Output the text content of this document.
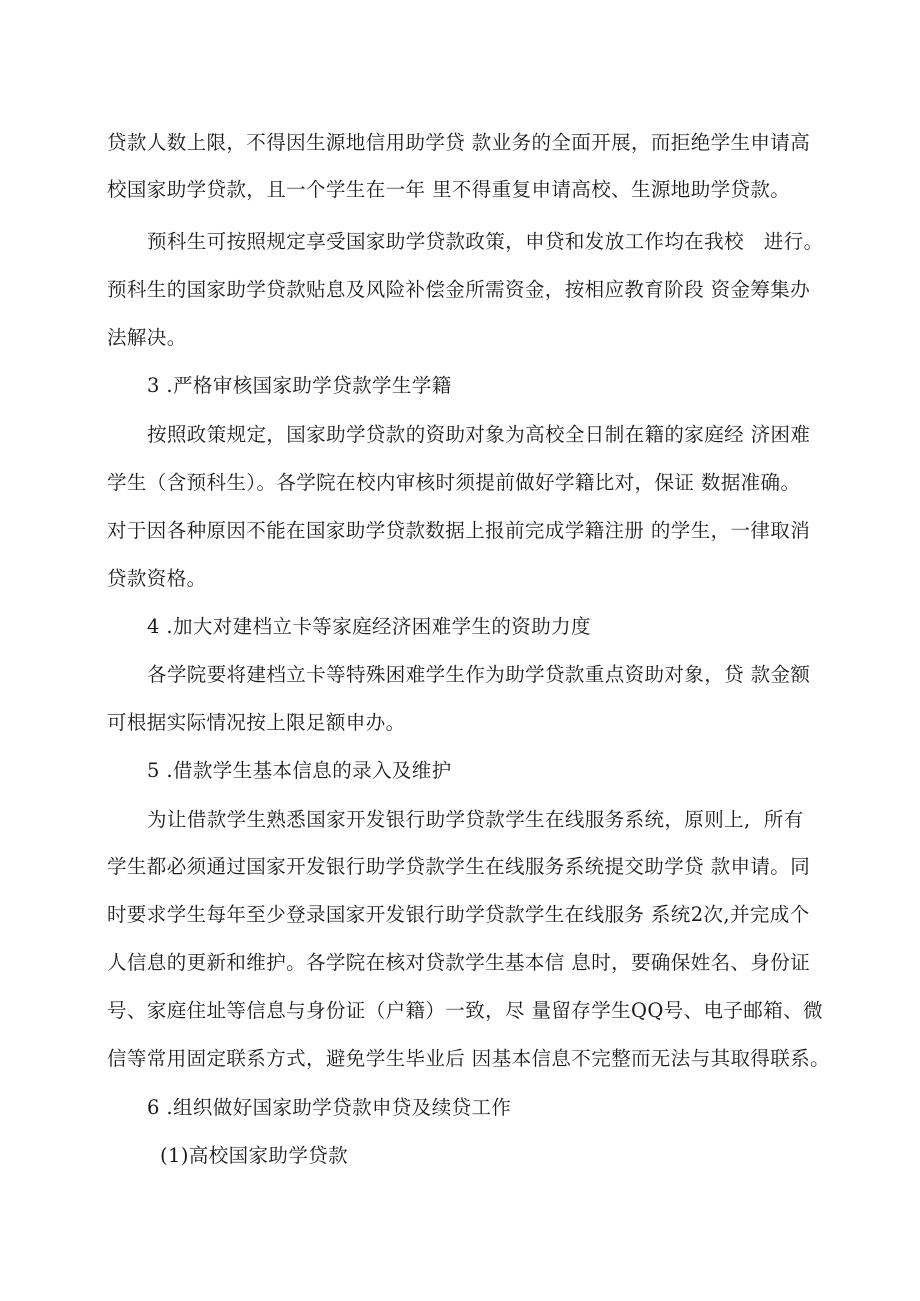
贷款人数上限，不得因生源地信用助学贷 款业务的全面开展，而拒绝学生申请高
校国家助学贷款，且一个学生在一年 里不得重复申请高校、生源地助学贷款。
预科生可按照规定享受国家助学贷款政策，申贷和发放工作均在我校   进行。
预科生的国家助学贷款贴息及风险补偿金所需资金，按相应教育阶段 资金筹集办
法解决。
3 .严格审核国家助学贷款学生学籍
按照政策规定，国家助学贷款的资助对象为高校全日制在籍的家庭经 济困难
学生（含预科生）。各学院在校内审核时须提前做好学籍比对，保证 数据准确。
对于因各种原因不能在国家助学贷款数据上报前完成学籍注册 的学生，一律取消
贷款资格。
4 .加大对建档立卡等家庭经济困难学生的资助力度
各学院要将建档立卡等特殊困难学生作为助学贷款重点资助对象，贷 款金额
可根据实际情况按上限足额申办。
5 .借款学生基本信息的录入及维护
为让借款学生熟悉国家开发银行助学贷款学生在线服务系统，原则上,  所有
学生都必须通过国家开发银行助学贷款学生在线服务系统提交助学贷 款申请。同
时要求学生每年至少登录国家开发银行助学贷款学生在线服务 系统2次,并完成个
人信息的更新和维护。各学院在核对贷款学生基本信 息时，要确保姓名、身份证
号、家庭住址等信息与身份证（户籍）一致，尽 量留存学生QQ号、电子邮箱、微
信等常用固定联系方式，避免学生毕业后 因基本信息不完整而无法与其取得联系。
6 .组织做好国家助学贷款申贷及续贷工作
(1)高校国家助学贷款
